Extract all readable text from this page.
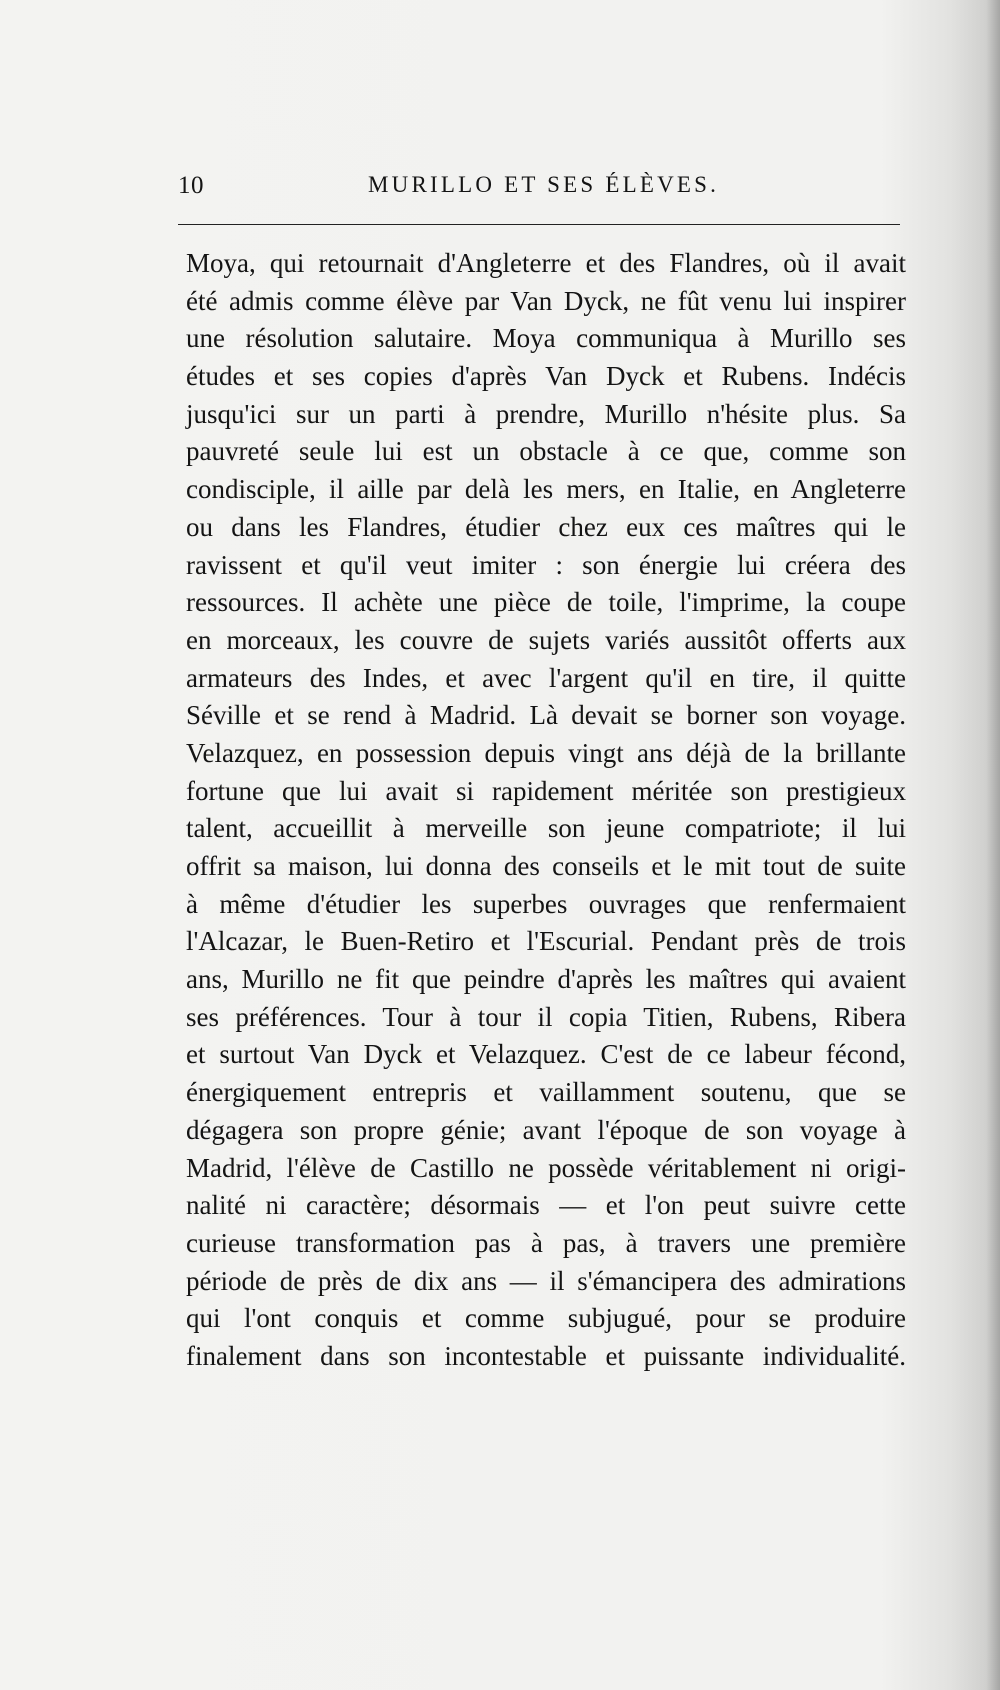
10	MURILLO ET SES ÉLÈVES.
Moya, qui retournait d'Angleterre et des Flandres, où il avait
été admis comme élève par Van Dyck, ne fût venu lui inspirer
une résolution salutaire. Moya communiqua à Murillo ses
études et ses copies d'après Van Dyck et Rubens. Indécis
jusqu'ici sur un parti à prendre, Murillo n'hésite plus. Sa
pauvreté seule lui est un obstacle à ce que, comme son
condisciple, il aille par delà les mers, en Italie, en Angleterre
ou dans les Flandres, étudier chez eux ces maîtres qui le
ravissent et qu'il veut imiter : son énergie lui créera des
ressources. Il achète une pièce de toile, l'imprime, la coupe
en morceaux, les couvre de sujets variés aussitôt offerts aux
armateurs des Indes, et avec l'argent qu'il en tire, il quitte
Séville et se rend à Madrid. Là devait se borner son voyage.
Velazquez, en possession depuis vingt ans déjà de la brillante
fortune que lui avait si rapidement méritée son prestigieux
talent, accueillit à merveille son jeune compatriote; il lui
offrit sa maison, lui donna des conseils et le mit tout de suite
à même d'étudier les superbes ouvrages que renfermaient
l'Alcazar, le Buen-Retiro et l'Escurial. Pendant près de trois
ans, Murillo ne fit que peindre d'après les maîtres qui avaient
ses préférences. Tour à tour il copia Titien, Rubens, Ribera
et surtout Van Dyck et Velazquez. C'est de ce labeur fécond,
énergiquement entrepris et vaillamment soutenu, que se
dégagera son propre génie; avant l'époque de son voyage à
Madrid, l'élève de Castillo ne possède véritablement ni origi-
nalité ni caractère; désormais — et l'on peut suivre cette
curieuse transformation pas à pas, à travers une première
période de près de dix ans — il s'émancipera des admirations
qui l'ont conquis et comme subjugué, pour se produire
finalement dans son incontestable et puissante individualité.
